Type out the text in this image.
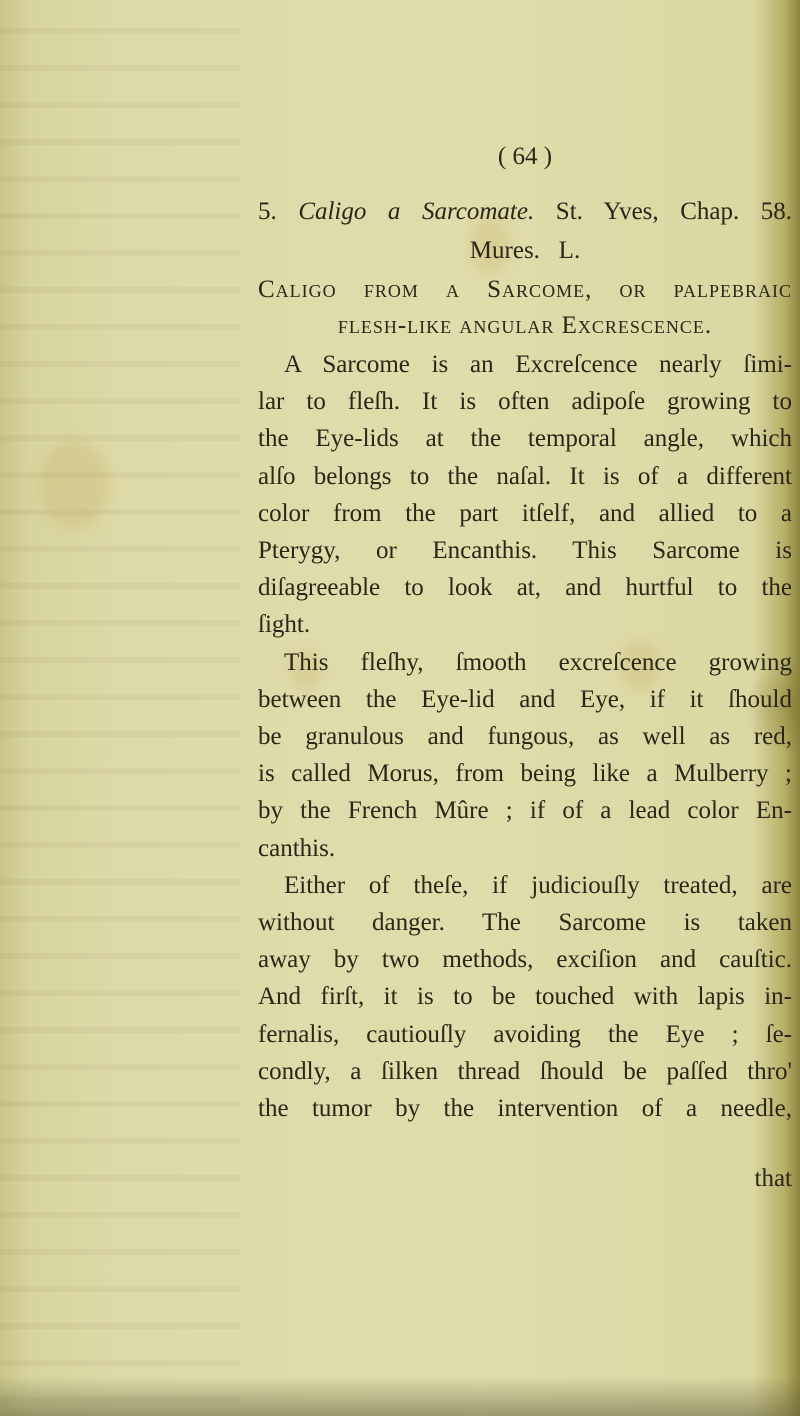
( 64 )
5. Caligo a Sarcomate. St. Yves, Chap. 58.
Mures.   L.
Caligo from a Sarcome, or palpebraic
flesh-like angular Excrescence.
A Sarcome is an Excreſcence nearly ſimi-
lar to fleſh. It is often adipoſe growing to
the Eye-lids at the temporal angle, which
alſo belongs to the naſal. It is of a different
color from the part itſelf, and allied to a
Pterygy, or Encanthis. This Sarcome is
diſagreeable to look at, and hurtful to the
ſight.
This fleſhy, ſmooth excreſcence growing
between the Eye-lid and Eye, if it ſhould
be granulous and fungous, as well as red,
is called Morus, from being like a Mulberry ;
by the French Mûre ; if of a lead color En-
canthis.
Either of theſe, if judiciouſly treated, are
without danger. The Sarcome is taken
away by two methods, exciſion and cauſtic.
And firſt, it is to be touched with lapis in-
fernalis, cautiouſly avoiding the Eye ; ſe-
condly, a ſilken thread ſhould be paſſed thro'
the tumor by the intervention of a needle,
that
